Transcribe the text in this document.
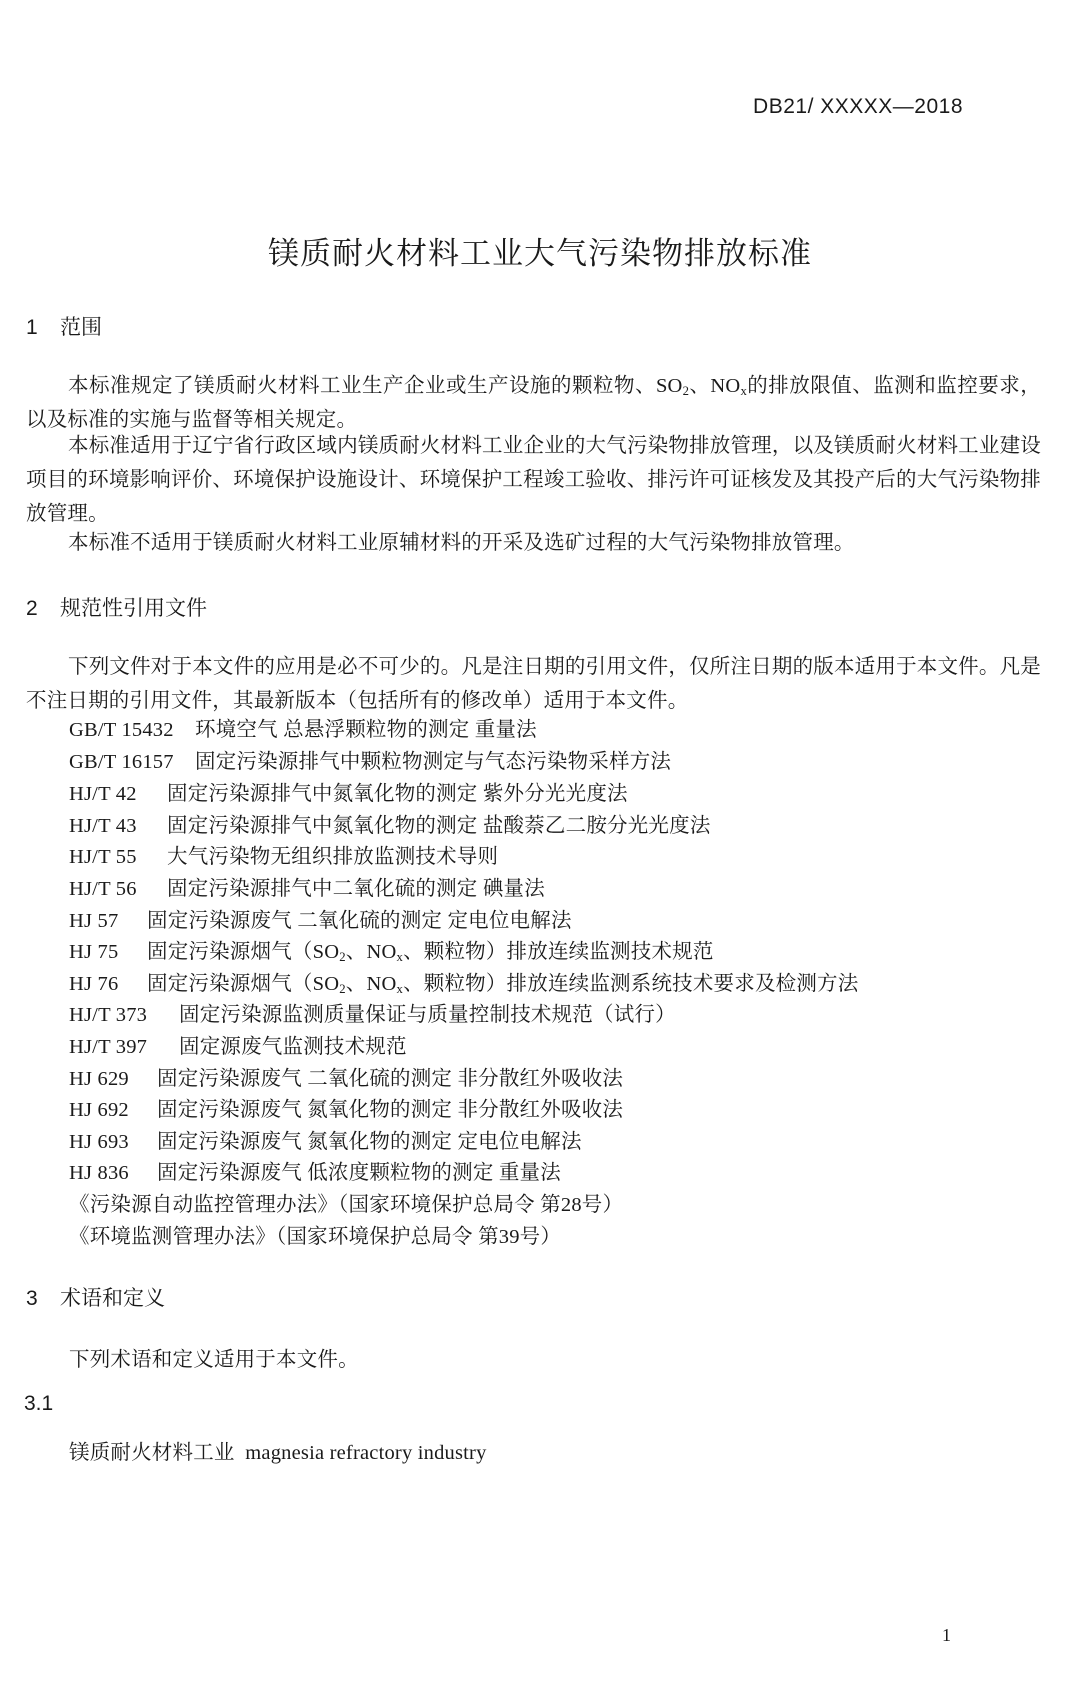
DB21/ XXXXX—2018
镁质耐火材料工业大气污染物排放标准
1 范围
本标准规定了镁质耐火材料工业生产企业或生产设施的颗粒物、$SO_2$、$NO_x$的排放限值、监测和监控要求，以及标准的实施与监督等相关规定。
本标准适用于辽宁省行政区域内镁质耐火材料工业企业的大气污染物排放管理，以及镁质耐火材料工业建设项目的环境影响评价、环境保护设施设计、环境保护工程竣工验收、排污许可证核发及其投产后的大气污染物排放管理。
本标准不适用于镁质耐火材料工业原辅材料的开采及选矿过程的大气污染物排放管理。
2 规范性引用文件
下列文件对于本文件的应用是必不可少的。凡是注日期的引用文件，仅所注日期的版本适用于本文件。凡是不注日期的引用文件，其最新版本（包括所有的修改单）适用于本文件。
GB/T 15432 环境空气 总悬浮颗粒物的测定 重量法
GB/T 16157 固定污染源排气中颗粒物测定与气态污染物采样方法
HJ/T 42 固定污染源排气中氮氧化物的测定 紫外分光光度法
HJ/T 43 固定污染源排气中氮氧化物的测定 盐酸萘乙二胺分光光度法
HJ/T 55 大气污染物无组织排放监测技术导则
HJ/T 56 固定污染源排气中二氧化硫的测定 碘量法
HJ 57 固定污染源废气 二氧化硫的测定 定电位电解法
HJ 75 固定污染源烟气（$SO_2$、$NO_x$、颗粒物）排放连续监测技术规范
HJ 76 固定污染源烟气（$SO_2$、$NO_x$、颗粒物）排放连续监测系统技术要求及检测方法
HJ/T 373 固定污染源监测质量保证与质量控制技术规范（试行）
HJ/T 397 固定源废气监测技术规范
HJ 629 固定污染源废气 二氧化硫的测定 非分散红外吸收法
HJ 692 固定污染源废气 氮氧化物的测定 非分散红外吸收法
HJ 693 固定污染源废气 氮氧化物的测定 定电位电解法
HJ 836 固定污染源废气 低浓度颗粒物的测定 重量法
《污染源自动监控管理办法》（国家环境保护总局令 第28号）
《环境监测管理办法》（国家环境保护总局令 第39号）
3 术语和定义
下列术语和定义适用于本文件。
3.1
镁质耐火材料工业 magnesia refractory industry
1
